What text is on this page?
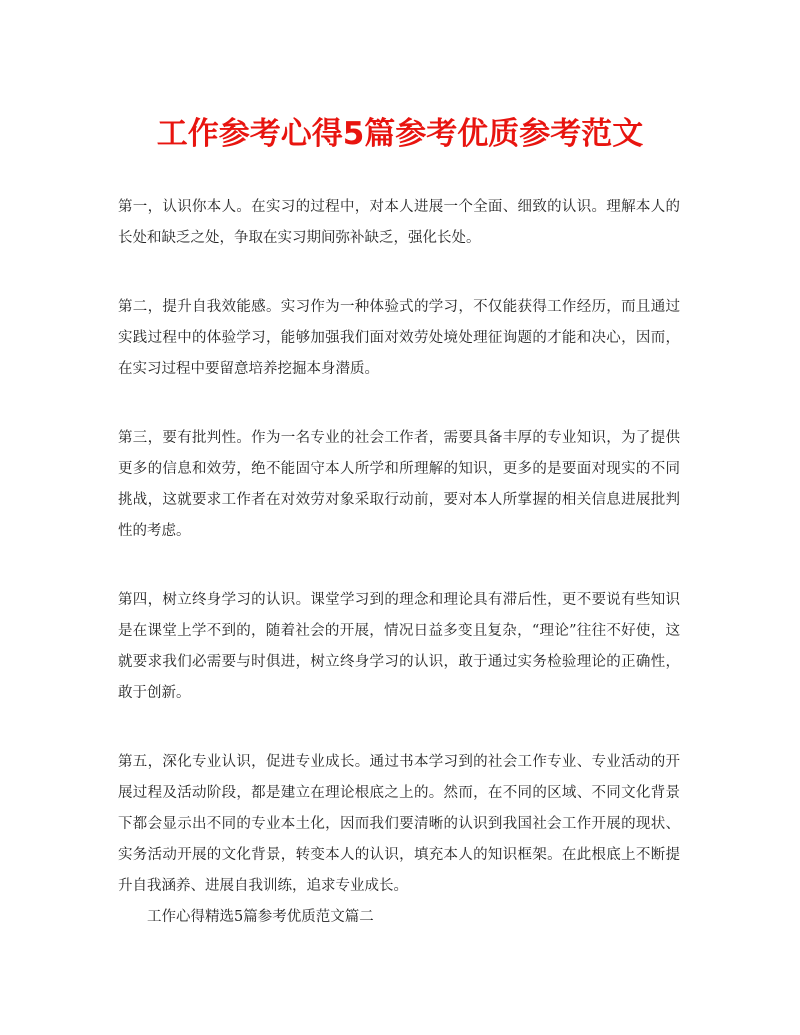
工作参考心得5篇参考优质参考范文

第一，认识你本人。在实习的过程中，对本人进展一个全面、细致的认识。理解本人的长处和缺乏之处，争取在实习期间弥补缺乏，强化长处。

第二，提升自我效能感。实习作为一种体验式的学习，不仅能获得工作经历，而且通过实践过程中的体验学习，能够加强我们面对效劳处境处理征询题的才能和决心，因而，在实习过程中要留意培养挖掘本身潜质。

第三，要有批判性。作为一名专业的社会工作者，需要具备丰厚的专业知识，为了提供更多的信息和效劳，绝不能固守本人所学和所理解的知识，更多的是要面对现实的不同挑战，这就要求工作者在对效劳对象采取行动前，要对本人所掌握的相关信息进展批判性的考虑。

第四，树立终身学习的认识。课堂学习到的理念和理论具有滞后性，更不要说有些知识是在课堂上学不到的，随着社会的开展，情况日益多变且复杂，“理论”往往不好使，这就要求我们必需要与时俱进，树立终身学习的认识，敢于通过实务检验理论的正确性，敢于创新。

第五，深化专业认识，促进专业成长。通过书本学习到的社会工作专业、专业活动的开展过程及活动阶段，都是建立在理论根底之上的。然而，在不同的区域、不同文化背景下都会显示出不同的专业本土化，因而我们要清晰的认识到我国社会工作开展的现状、实务活动开展的文化背景，转变本人的认识，填充本人的知识框架。在此根底上不断提升自我涵养、进展自我训练，追求专业成长。

工作心得精选5篇参考优质范文篇二
